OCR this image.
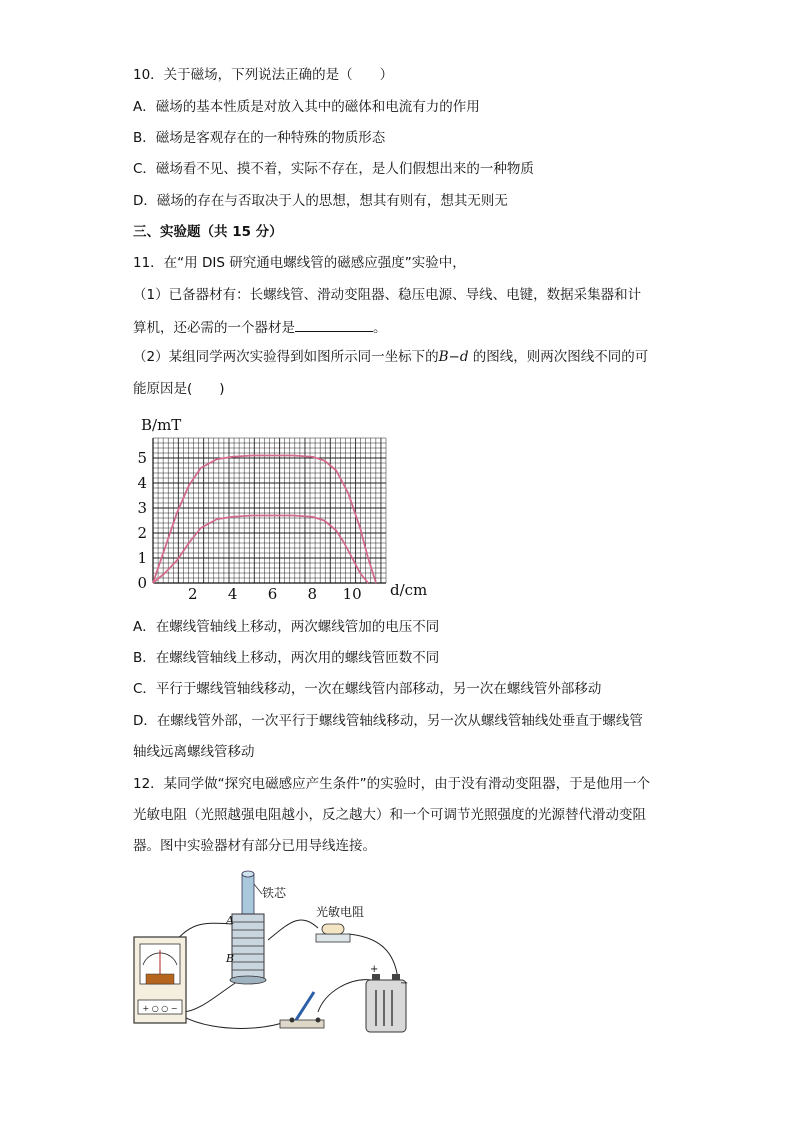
10．关于磁场，下列说法正确的是（　　）
A．磁场的基本性质是对放入其中的磁体和电流有力的作用
B．磁场是客观存在的一种特殊的物质形态
C．磁场看不见、摸不着，实际不存在，是人们假想出来的一种物质
D．磁场的存在与否取决于人的思想，想其有则有，想其无则无
三、实验题（共 15 分）
11．在“用 DIS 研究通电螺线管的磁感应强度”实验中，
（1）已备器材有：长螺线管、滑动变阻器、稳压电源、导线、电键，数据采集器和计
算机，还必需的一个器材是	。
（2）某组同学两次实验得到如图所示同一坐标下的B−d 的图线，则两次图线不同的可
能原因是(　　)
2 4 6 8 10
0
1
2
3
4
5
B/mT
d/cm
A．在螺线管轴线上移动，两次螺线管加的电压不同
B．在螺线管轴线上移动，两次用的螺线管匝数不同
C．平行于螺线管轴线移动，一次在螺线管内部移动，另一次在螺线管外部移动
D．在螺线管外部，一次平行于螺线管轴线移动，另一次从螺线管轴线处垂直于螺线管
轴线远离螺线管移动
12．某同学做“探究电磁感应产生条件”的实验时，由于没有滑动变阻器，于是他用一个
光敏电阻（光照越强电阻越小，反之越大）和一个可调节光照强度的光源替代滑动变阻
器。图中实验器材有部分已用导线连接。
+ ○ ○ −
铁芯
A
B
光敏电阻
+
−
